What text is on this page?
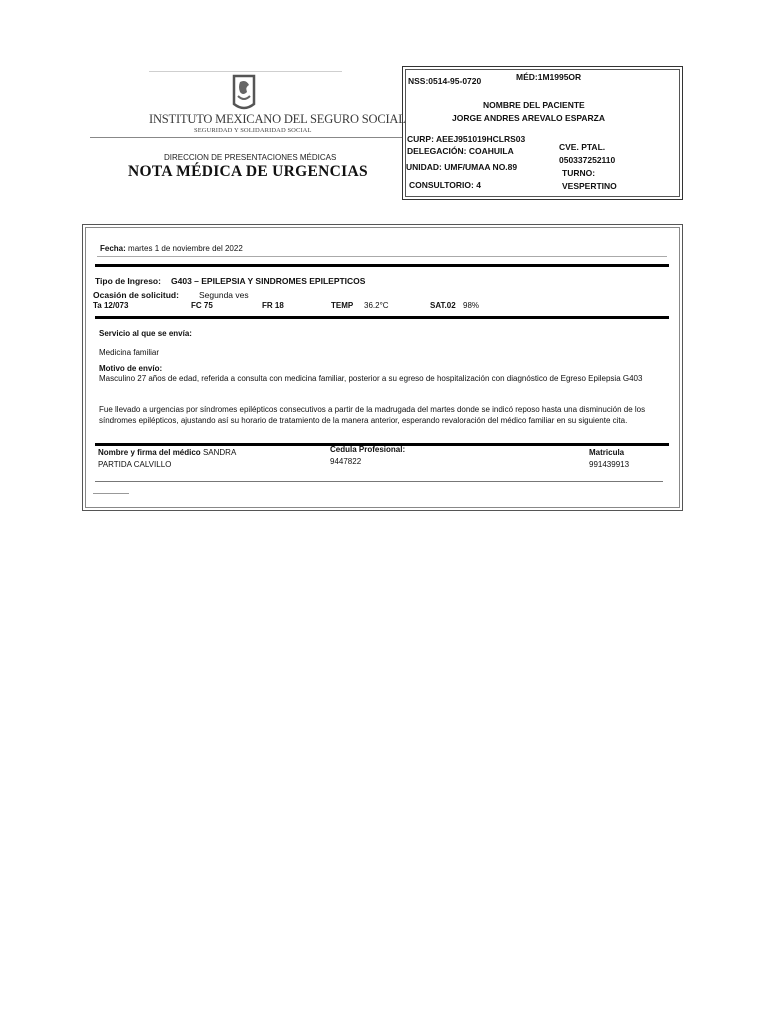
INSTITUTO MEXICANO DEL SEGURO SOCIAL
SEGURIDAD Y SOLIDARIDAD SOCIAL
DIRECCION DE PRESENTACIONES MÉDICAS
NOTA MÉDICA DE URGENCIAS
NSS:0514-95-0720	MÉD:1M1995OR
NOMBRE DEL PACIENTE
JORGE ANDRES AREVALO ESPARZA
CURP: AEEJ951019HCLRS03
DELEGACIÓN: COAHUILA
UNIDAD: UMF/UMAA NO.89
CONSULTORIO: 4
CVE. PTAL.
050337252110
TURNO:
VESPERTINO
Fecha: martes 1 de noviembre del 2022
Tipo de Ingreso: G403 – EPILEPSIA Y SINDROMES EPILEPTICOS
Ocasión de solicitud: Segunda ves
Ta 12/073	FC 75	FR 18	TEMP 36.2°C	SAT.02 98%
Servicio al que se envía:
Medicina familiar
Motivo de envío:
Masculino 27 años de edad, referida a consulta con medicina familiar, posterior a su egreso de hospitalización con diagnóstico de Egreso Epilepsia G403
Fue llevado a urgencias por síndromes epilépticos consecutivos a partir de la madrugada del martes donde se indicó reposo hasta una disminución de los síndromes epilépticos, ajustando así su horario de tratamiento de la manera anterior, esperando revaloración del médico familiar en su siguiente cita.
Nombre y firma del médico SANDRA
PARTIDA CALVILLO
Cedula Profesional:
9447822
Matricula
991439913
